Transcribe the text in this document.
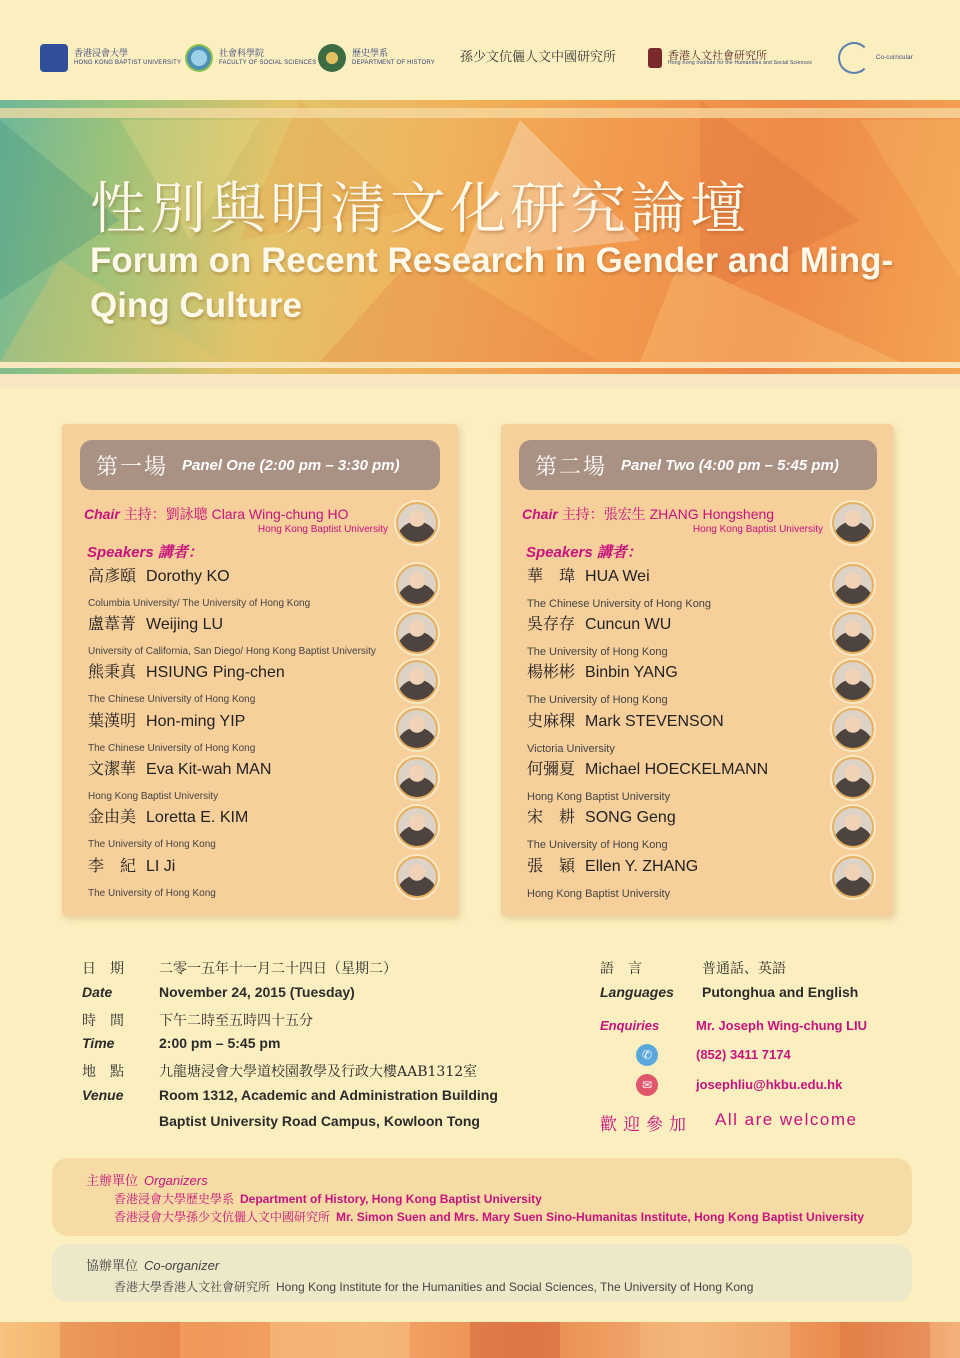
香港浸會大學
HONG KONG BAPTIST UNIVERSITY
社會科學院
FACULTY OF SOCIAL SCIENCES
歷史學系
DEPARTMENT OF HISTORY 孫少文伉儷人文中國研究所	香港人文社會研究所
Hong Kong Institute for the Humanities and Social Sciences
Co-curricular
性別與明清文化研究論壇
Forum on Recent Research in Gender and Ming-Qing Culture
第一場 Panel One (2:00 pm – 3:30 pm)
Chair 主持：劉詠聰 Clara Wing-chung HO
Hong Kong Baptist University
Speakers 講者：
高彥頤 Dorothy KO
Columbia University/ The University of Hong Kong
盧葦菁 Weijing LU
University of California, San Diego/ Hong Kong Baptist University
熊秉真 HSIUNG Ping-chen
The Chinese University of Hong Kong
葉漢明 Hon-ming YIP
The Chinese University of Hong Kong
文潔華 Eva Kit-wah MAN
Hong Kong Baptist University
金由美 Loretta E. KIM
The University of Hong Kong
李　紀 LI Ji
The University of Hong Kong
第二場 Panel Two (4:00 pm – 5:45 pm)
Chair 主持：張宏生 ZHANG Hongsheng
Hong Kong Baptist University
Speakers 講者：
華　瑋 HUA Wei
The Chinese University of Hong Kong
吳存存 Cuncun WU
The University of Hong Kong
楊彬彬 Binbin YANG
The University of Hong Kong
史麻稞 Mark STEVENSON
Victoria University
何彌夏 Michael HOECKELMANN
Hong Kong Baptist University
宋　耕 SONG Geng
The University of Hong Kong
張　穎 Ellen Y. ZHANG
Hong Kong Baptist University
日　期	二零一五年十一月二十四日（星期二）
Date	November 24, 2015 (Tuesday)
時　間	下午二時至五時四十五分
Time	2:00 pm – 5:45 pm
地　點	九龍塘浸會大學道校園教學及行政大樓AAB1312室
Venue	Room 1312, Academic and Administration Building
Baptist University Road Campus, Kowloon Tong
語　言	普通話、英語
Languages Putonghua and English
Enquiries	Mr. Joseph Wing-chung LIU
✆	(852) 3411 7174
✉	josephliu@hkbu.edu.hk
歡迎參加 All are welcome
主辦單位 Organizers
香港浸會大學歷史學系 Department of History, Hong Kong Baptist University
香港浸會大學孫少文伉儷人文中國研究所 Mr. Simon Suen and Mrs. Mary Suen Sino-Humanitas Institute, Hong Kong Baptist University
協辦單位 Co-organizer
香港大學香港人文社會研究所 Hong Kong Institute for the Humanities and Social Sciences, The University of Hong Kong
